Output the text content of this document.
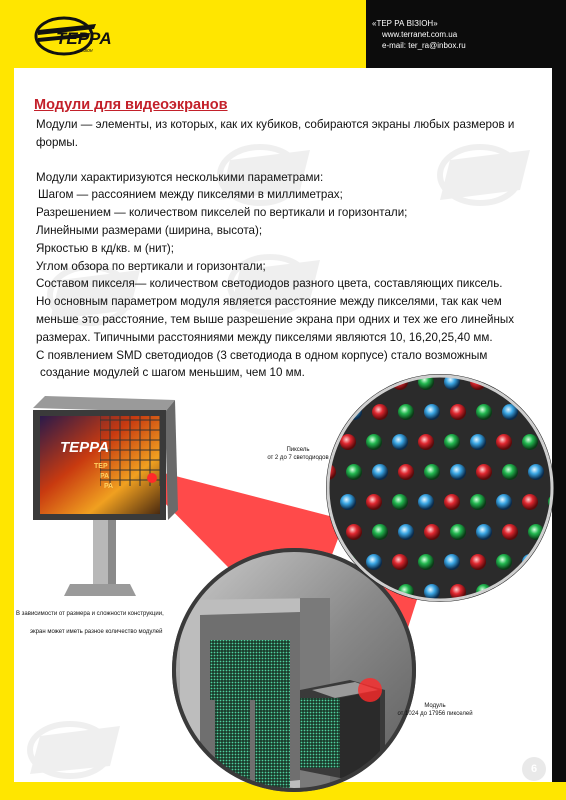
ТЕРРА
візіон
«ТЕР РА ВІЗІОН»
www.terranet.com.ua
e-mail: ter_ra@inbox.ru
Модули для видеоэкранов

Модули — элементы, из которых, как их кубиков, собираются экраны любых размеров и

формы.

Модули характиризуются несколькими параметрами:

Шагом — рассоянием между пикселями в миллиметрах;

Разрешением — количеством пикселей по вертикали и горизонтали;

Линейными размерами (ширина, высота);

Яркостью в кд/кв. м (нит);

Углом обзора по вертикали и горизонтали;

Составом пикселя— количеством светодиодов разного цвета, составляющих пиксель.

Но основным параметром модуля является расстояние между пикселями, так как чем

меньше это расстояние, тем выше разрешение экрана при одних и тех же его линейных

размерах. Типичными расстояниями между пикселями являются 10, 16,20,25,40 мм.

С появлением SMD светодиодов (3 светодиода в одном корпусе) стало возможным

создание модулей с шагом меньшим, чем 10 мм.

ТЕРРА
ТЕР
РА
РА
Пиксель
от 2 до 7 светодиодов
В зависимости от размера и сложности конструкции,
экран может иметь разное количество модулей
Модуль
от 1024 до 17956 пикселей
6
